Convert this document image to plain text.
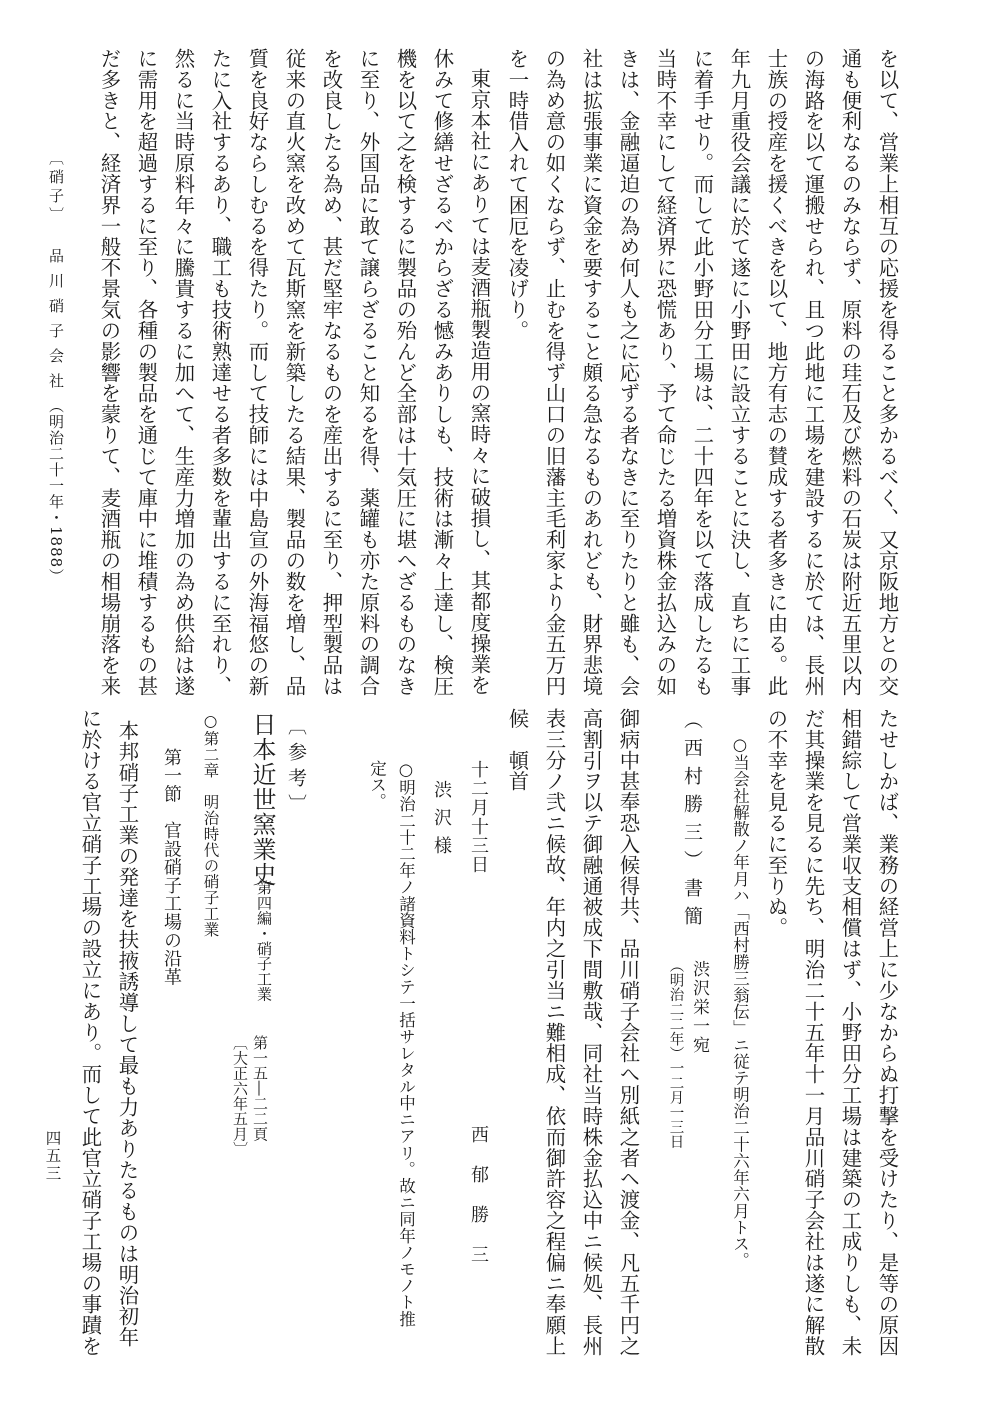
を以て、営業上相互の応援を得ること多かるべく、又京阪地方との交
通も便利なるのみならず、原料の珪石及び燃料の石炭は附近五里以内
の海路を以て運搬せられ、且つ此地に工場を建設するに於ては、長州
士族の授産を援くべきを以て、地方有志の賛成する者多きに由る。此
年九月重役会議に於て遂に小野田に設立することに決し、直ちに工事
に着手せり。而して此小野田分工場は、二十四年を以て落成したるも
当時不幸にして経済界に恐慌あり、予て命じたる増資株金払込みの如
きは、金融逼迫の為め何人も之に応ずる者なきに至りたりと雖も、会
社は拡張事業に資金を要すること頗る急なるものあれども、財界悲境
の為め意の如くならず、止むを得ず山口の旧藩主毛利家より金五万円
を一時借入れて困厄を凌げり。
東京本社にありては麦酒瓶製造用の窯時々に破損し、其都度操業を
休みて修繕せざるべからざる憾みありしも、技術は漸々上達し、検圧
機を以て之を検するに製品の殆んど全部は十気圧に堪へざるものなき
に至り、外国品に敢て譲らざること知るを得、薬罐も亦た原料の調合
を改良したる為め、甚だ堅牢なるものを産出するに至り、押型製品は
従来の直火窯を改めて瓦斯窯を新築したる結果、製品の数を増し、品
質を良好ならしむるを得たり。而して技師には中島宣の外海福悠の新
たに入社するあり、職工も技術熟達せる者多数を輩出するに至れり、
然るに当時原料年々に騰貴するに加へて、生産力増加の為め供給は遂
に需用を超過するに至り、各種の製品を通じて庫中に堆積するもの甚
だ多きと、経済界一般不景気の影響を蒙りて、麦酒瓶の相場崩落を来
〔硝子〕
品川硝子会社
（明治二十一年・1888）
たせしかば、業務の経営上に少なからぬ打撃を受けたり、是等の原因
相錯綜して営業収支相償はず、小野田分工場は建築の工成りしも、未
だ其操業を見るに先ち、明治二十五年十一月品川硝子会社は遂に解散
の不幸を見るに至りぬ。
○当会社解散ノ年月ハ「西村勝三翁伝」ニ従テ明治二十六年六月トス。
（西村勝三）書簡
渋沢栄一宛
（明治二二年）一二月一三日
御病中甚奉恐入候得共、品川硝子会社へ別紙之者ヘ渡金、凡五千円之
高割引ヲ以テ御融通被成下間敷哉、同社当時株金払込中ニ候処、長州
表三分ノ弐ニ候故、年内之引当ニ難相成、依而御許容之程偏ニ奉願上
候　頓首
十二月十三日
西郁勝三
渋沢様
○明治二十二年ノ諸資料トシテ一括サレタル中ニアリ。故ニ同年ノモノト推
定ス。
〔参考〕
日本近世窯業史
第四編・硝子工業
第一五―二二頁
〔大正六年五月〕
○第二章　明治時代の硝子工業
第一節　官設硝子工場の沿革
本邦硝子工業の発達を扶掖誘導して最も力ありたるものは明治初年
に於ける官立硝子工場の設立にあり。而して此官立硝子工場の事蹟を
四五三
